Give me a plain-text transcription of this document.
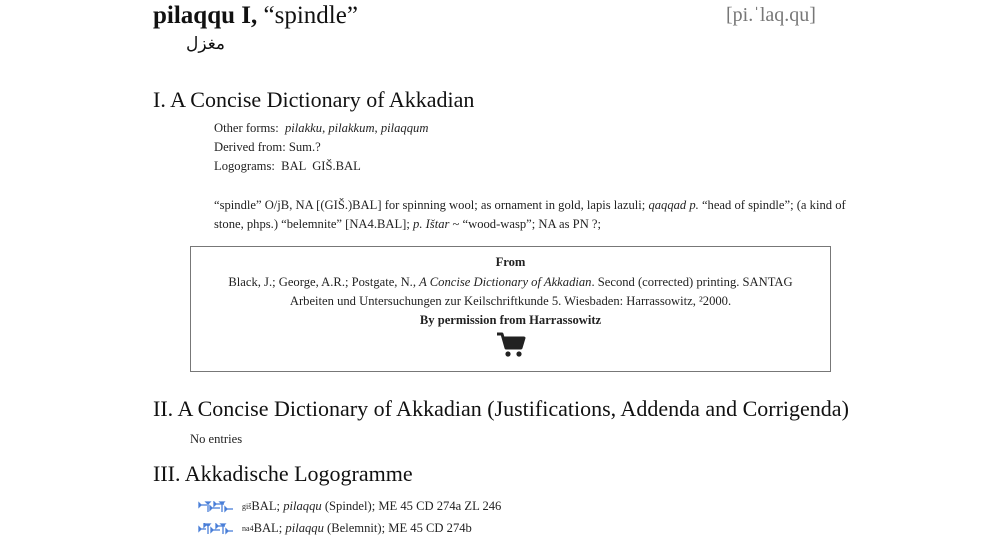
pilaqqu I, “spindle”
مغزل
[pi.ˈlaq.qu]
I. A Concise Dictionary of Akkadian
Other forms: pilakku, pilakkum, pilaqqum
Derived from: Sum.?
Logograms: BAL  GIŠ.BAL
“spindle” O/jB, NA [(GIŠ.)BAL] for spinning wool; as ornament in gold, lapis lazuli; qaqqad p. “head of spindle”; (a kind of stone, phps.) “belemnite” [NA4.BAL]; p. Ištar ~ “wood-wasp”; NA as PN ?;
From
Black, J.; George, A.R.; Postgate, N., A Concise Dictionary of Akkadian. Second (corrected) printing. SANTAG Arbeiten und Untersuchungen zur Keilschriftkunde 5. Wiesbaden: Harrassowitz, ²2000.
By permission from Harrassowitz
II. A Concise Dictionary of Akkadian (Justifications, Addenda and Corrigenda)
No entries
III. Akkadische Logogramme
giš BAL ; pilaqqu (Spindel); ME 45 CD 274a ZL 246
na 4 BAL ; pilaqqu (Belemnit); ME 45 CD 274b
